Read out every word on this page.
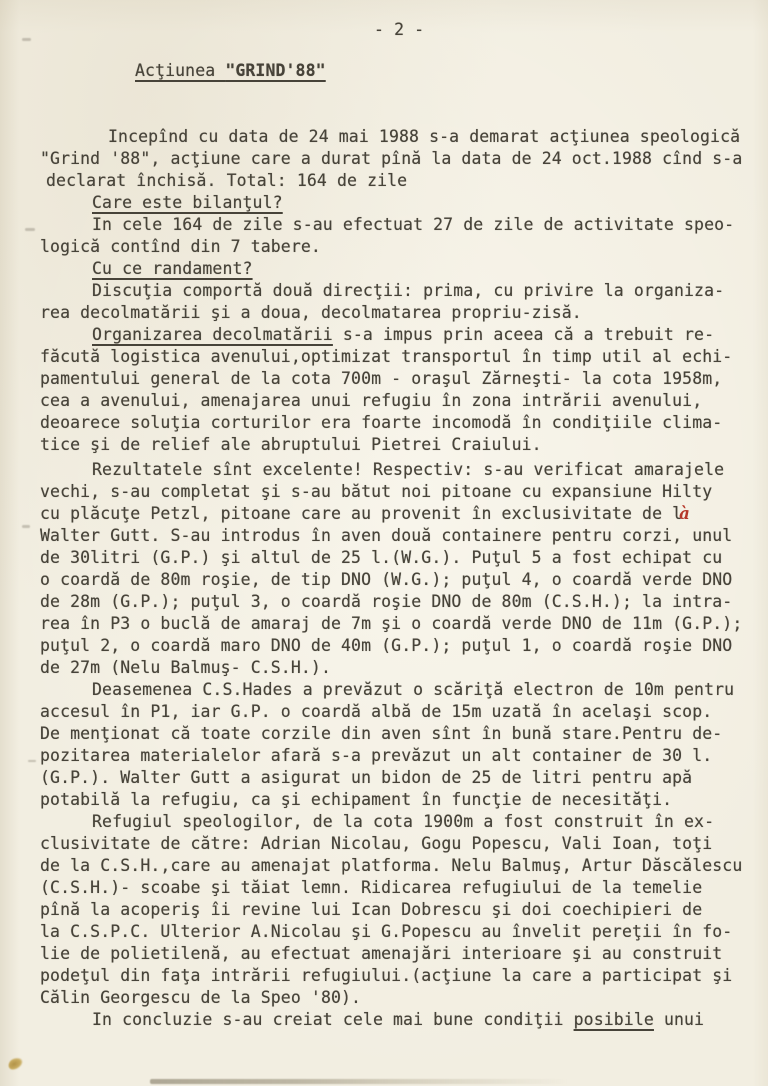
- 2 -
Acţiunea "GRIND'88"
Incepînd cu data de 24 mai 1988 s-a demarat acţiunea speologică
"Grind '88", acţiune care a durat pînă la data de 24 oct.1988 cînd s-a
declarat închisă. Total: 164 de zile
Care este bilanţul?
In cele 164 de zile s-au efectuat 27 de zile de activitate speo-
logică contînd din 7 tabere.
Cu ce randament?
Discuţia comportă două direcţii: prima, cu privire la organiza-
rea decolmatării şi a doua, decolmatarea propriu-zisă.
Organizarea decolmatării s-a impus prin aceea că a trebuit re-
făcută logistica avenului,optimizat transportul în timp util al echi-
pamentului general de la cota 700m - oraşul Zărneşti- la cota 1958m,
cea a avenului, amenajarea unui refugiu în zona intrării avenului,
deoarece soluţia corturilor era foarte incomodă în condiţiile clima-
tice şi de relief ale abruptului Pietrei Craiului.
Rezultatele sînt excelente! Respectiv: s-au verificat amarajele
vechi, s-au completat şi s-au bătut noi pitoane cu expansiune Hilty
cu plăcuţe Petzl, pitoane care au provenit în exclusivitate de là
Walter Gutt. S-au introdus în aven două containere pentru corzi, unul
de 30litri (G.P.) şi altul de 25 l.(W.G.). Puţul 5 a fost echipat cu
o coardă de 80m roşie, de tip DNO (W.G.); puţul 4, o coardă verde DNO
de 28m (G.P.); puţul 3, o coardă roşie DNO de 80m (C.S.H.); la intra-
rea în P3 o buclă de amaraj de 7m şi o coardă verde DNO de 11m (G.P.);
puţul 2, o coardă maro DNO de 40m (G.P.); puţul 1, o coardă roşie DNO
de 27m (Nelu Balmuş- C.S.H.).
Deasemenea C.S.Hades a prevăzut o scăriţă electron de 10m pentru
accesul în P1, iar G.P. o coardă albă de 15m uzată în acelaşi scop.
De menţionat că toate corzile din aven sînt în bună stare.Pentru de-
pozitarea materialelor afară s-a prevăzut un alt container de 30 l.
(G.P.). Walter Gutt a asigurat un bidon de 25 de litri pentru apă
potabilă la refugiu, ca şi echipament în funcţie de necesităţi.
Refugiul speologilor, de la cota 1900m a fost construit în ex-
clusivitate de către: Adrian Nicolau, Gogu Popescu, Vali Ioan, toţi
de la C.S.H.,care au amenajat platforma. Nelu Balmuş, Artur Dăscălescu
(C.S.H.)- scoabe şi tăiat lemn. Ridicarea refugiului de la temelie
pînă la acoperiş îi revine lui Ican Dobrescu şi doi coechipieri de
la C.S.P.C. Ulterior A.Nicolau şi G.Popescu au învelit pereţii în fo-
lie de polietilenă, au efectuat amenajări interioare şi au construit
podeţul din faţa intrării refugiului.(acţiune la care a participat şi
Călin Georgescu de la Speo '80).
In concluzie s-au creiat cele mai bune condiţii posibile unui
